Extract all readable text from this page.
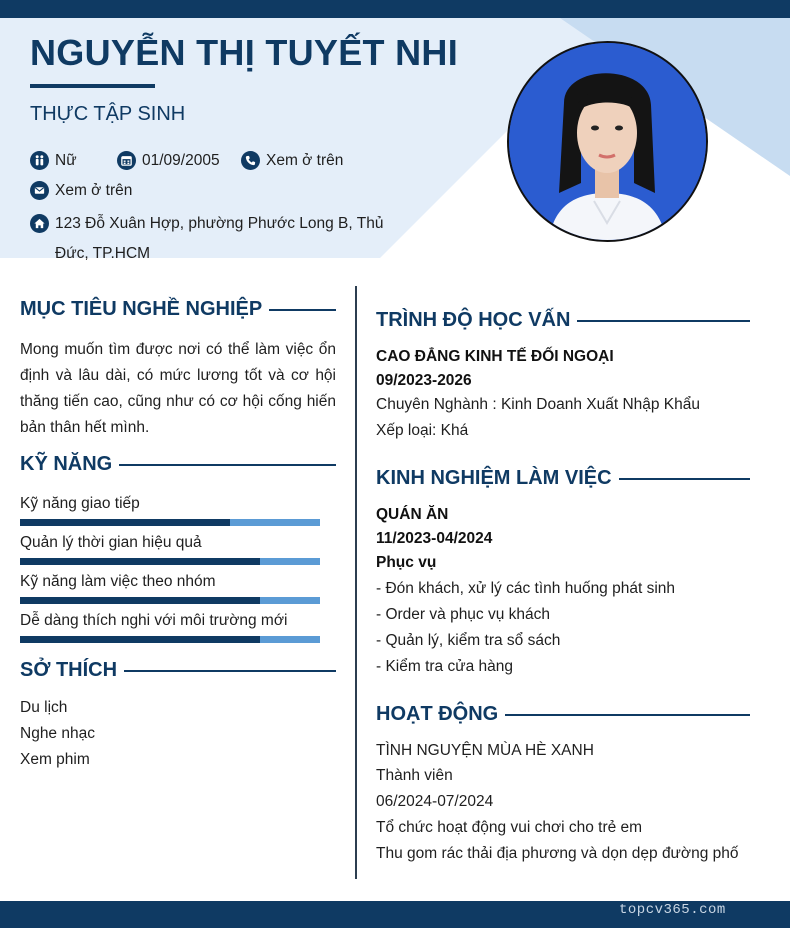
NGUYỄN THỊ TUYẾT NHI
THỰC TẬP SINH
Nữ	01/09/2005	Xem ở trên
Xem ở trên
123 Đỗ Xuân Hợp, phường Phước Long B, Thủ
Đức, TP.HCM
MỤC TIÊU NGHỀ NGHIỆP
Mong muốn tìm được nơi có thể làm việc ổn định và lâu dài, có mức lương tốt và cơ hội thăng tiến cao, cũng như có cơ hội cống hiến bản thân hết mình.
KỸ NĂNG
Kỹ năng giao tiếp
Quản lý thời gian hiệu quả
Kỹ năng làm việc theo nhóm
Dễ dàng thích nghi với môi trường mới
SỞ THÍCH
Du lịch
Nghe nhạc
Xem phim
TRÌNH ĐỘ HỌC VẤN
CAO ĐẲNG KINH TẾ ĐỐI NGOẠI
09/2023-2026
Chuyên Nghành : Kinh Doanh Xuất Nhập Khẩu
Xếp loại: Khá
KINH NGHIỆM LÀM VIỆC
QUÁN ĂN
11/2023-04/2024
Phục vụ
- Đón khách, xử lý các tình huống phát sinh
- Order và phục vụ khách
- Quản lý, kiểm tra sổ sách
- Kiểm tra cửa hàng
HOẠT ĐỘNG
TÌNH NGUYỆN MÙA HÈ XANH
Thành viên
06/2024-07/2024
Tổ chức hoạt động vui chơi cho trẻ em
Thu gom rác thải địa phương và dọn dẹp đường phố
topcv365.com
